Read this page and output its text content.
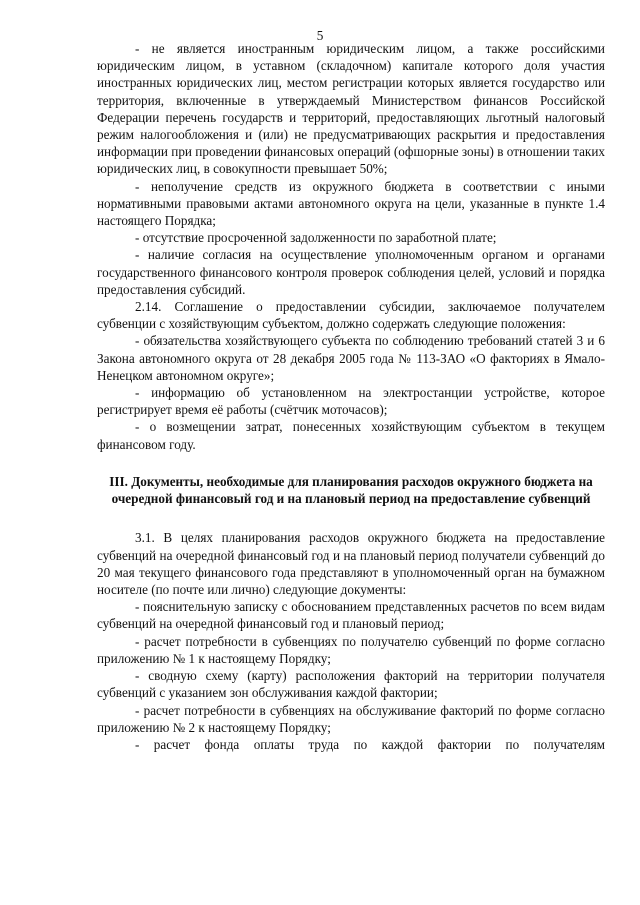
5

- не является иностранным юридическим лицом, а также российскими юридическим лицом, в уставном (складочном) капитале которого доля участия иностранных юридических лиц, местом регистрации которых является государство или территория, включенные в утверждаемый Министерством финансов Российской Федерации перечень государств и территорий, предоставляющих льготный налоговый режим налогообложения и (или) не предусматривающих раскрытия и предоставления информации при проведении финансовых операций (офшорные зоны) в отношении таких юридических лиц, в совокупности превышает 50%;

- неполучение средств из окружного бюджета в соответствии с иными нормативными правовыми актами автономного округа на цели, указанные в пункте 1.4 настоящего Порядка;

- отсутствие просроченной задолженности по заработной плате;

- наличие согласия на осуществление уполномоченным органом и органами государственного финансового контроля проверок соблюдения целей, условий и порядка предоставления субсидий.

2.14. Соглашение о предоставлении субсидии, заключаемое получателем субвенции с хозяйствующим субъектом, должно содержать следующие положения:

- обязательства хозяйствующего субъекта по соблюдению требований статей 3 и 6 Закона автономного округа от 28 декабря 2005 года № 113-ЗАО «О факториях в Ямало-Ненецком автономном округе»;

- информацию об установленном на электростанции устройстве, которое регистрирует время её работы (счётчик моточасов);

- о возмещении затрат, понесенных хозяйствующим субъектом в текущем финансовом году.

III. Документы, необходимые для планирования расходов окружного бюджета на очередной финансовый год и на плановый период на предоставление субвенций

3.1. В целях планирования расходов окружного бюджета на предоставление субвенций на очередной финансовый год и на плановый период получатели субвенций до 20 мая текущего финансового года представляют в уполномоченный орган на бумажном носителе (по почте или лично) следующие документы:

- пояснительную записку с обоснованием представленных расчетов по всем видам субвенций на очередной финансовый год и плановый период;

- расчет потребности в субвенциях по получателю субвенций по форме согласно приложению № 1 к настоящему Порядку;

- сводную схему (карту) расположения факторий на территории получателя субвенций с указанием зон обслуживания каждой фактории;

- расчет потребности в субвенциях на обслуживание факторий по форме согласно приложению № 2 к настоящему Порядку;

- расчет фонда оплаты труда по каждой фактории по получателям
